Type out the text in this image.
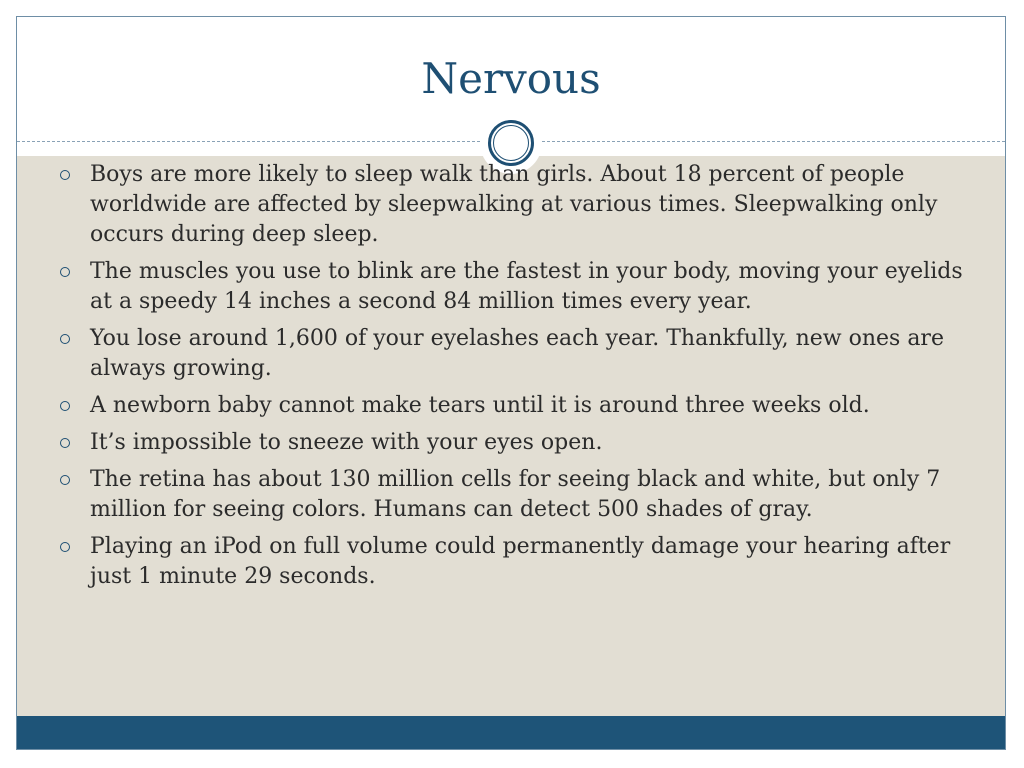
Nervous
Boys are more likely to sleep walk than girls. About 18 percent of people worldwide are affected by sleepwalking at various times. Sleepwalking only occurs during deep sleep.
The muscles you use to blink are the fastest in your body, moving your eyelids at a speedy 14 inches a second 84 million times every year.
You lose around 1,600 of your eyelashes each year. Thankfully, new ones are always growing.
A newborn baby cannot make tears until it is around three weeks old.
It’s impossible to sneeze with your eyes open.
The retina has about 130 million cells for seeing black and white, but only 7 million for seeing colors. Humans can detect 500 shades of gray.
Playing an iPod on full volume could permanently damage your hearing after just 1 minute 29 seconds.
